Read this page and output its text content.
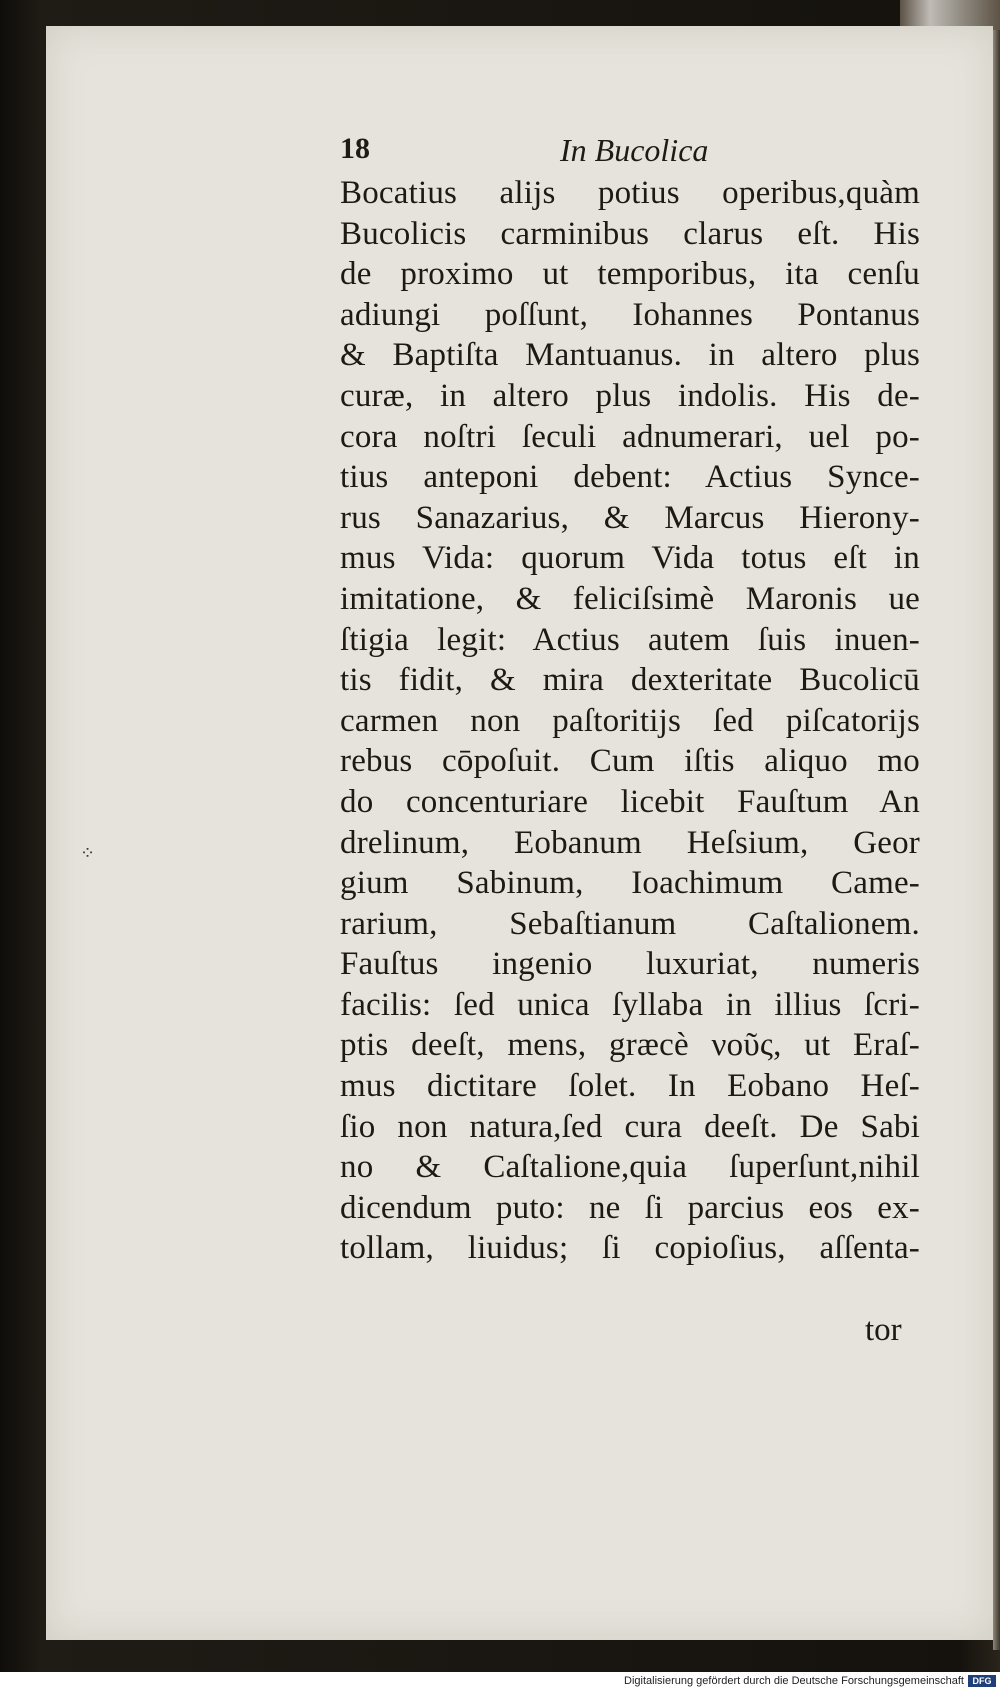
⁘
18	In Bucolica
Bocatius alijs potius operibus,quàm
Bucolicis carminibus clarus eſt. His
de proximo ut temporibus, ita cenſu
adiungi poſſunt, Iohannes Pontanus
& Baptiſta Mantuanus. in altero plus
curæ, in altero plus indolis. His de-
cora noſtri ſeculi adnumerari, uel po-
tius anteponi debent: Actius Synce-
rus Sanazarius, & Marcus Hierony-
mus Vida: quorum Vida totus eſt in
imitatione, & feliciſsimè Maronis ue
ſtigia legit: Actius autem ſuis inuen-
tis fidit, & mira dexteritate Bucolicū
carmen non paſtoritijs ſed piſcatorijs
rebus cōpoſuit. Cum iſtis aliquo mo
do concenturiare licebit Fauſtum An
drelinum, Eobanum Heſsium, Geor
gium Sabinum, Ioachimum Came-
rarium, Sebaſtianum Caſtalionem.
Fauſtus ingenio luxuriat, numeris
facilis: ſed unica ſyllaba in illius ſcri-
ptis deeſt, mens, græcè νοῦς, ut Eraſ-
mus dictitare ſolet. In Eobano Heſ-
ſio non natura,ſed cura deeſt. De Sabi
no & Caſtalione,quia ſuperſunt,nihil
dicendum puto: ne ſi parcius eos ex-
tollam, liuidus; ſi copioſius, aſſenta-
tor
Digitalisierung gefördert durch die Deutsche Forschungsgemeinschaft DFG
